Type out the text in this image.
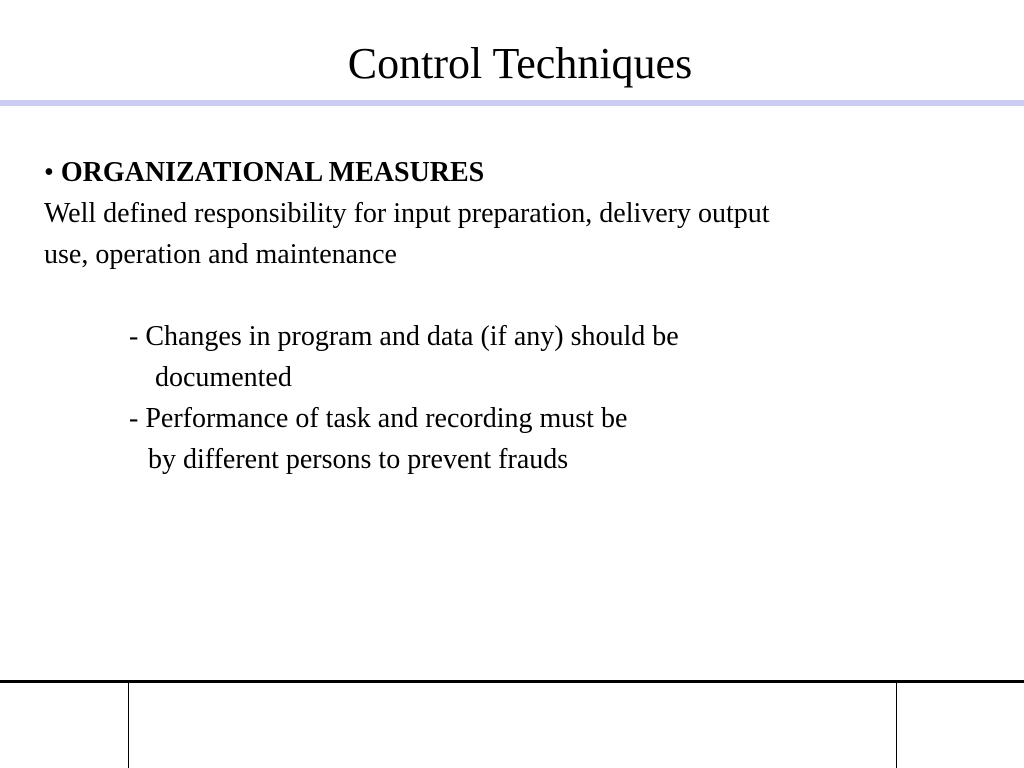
Control Techniques
• ORGANIZATIONAL MEASURES
Well defined responsibility for input preparation, delivery output
use, operation and maintenance
- Changes in program and data (if any) should be
documented
- Performance of task and recording must be
by different persons to prevent frauds
